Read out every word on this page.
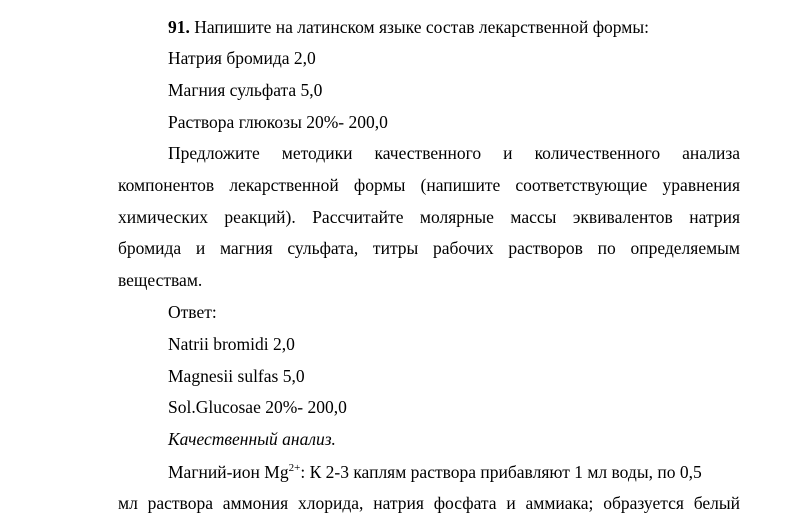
91. Напишите на латинском языке состав лекарственной формы:
Натрия бромида 2,0
Магния сульфата 5,0
Раствора глюкозы 20%- 200,0
Предложите методики качественного и количественного анализа
компонентов лекарственной формы (напишите соответствующие уравнения
химических реакций). Рассчитайте молярные массы эквивалентов натрия
бромида и магния сульфата, титры рабочих растворов по определяемым
веществам.
Ответ:
Natrii bromidi 2,0
Magnesii sulfas 5,0
Sol.Glucosae 20%- 200,0
Качественный анализ.
Магний-ион $Mg^{2+}$: К 2-3 каплям раствора прибавляют 1 мл воды, по 0,5
мл раствора аммония хлорида, натрия фосфата и аммиака; образуется белый
